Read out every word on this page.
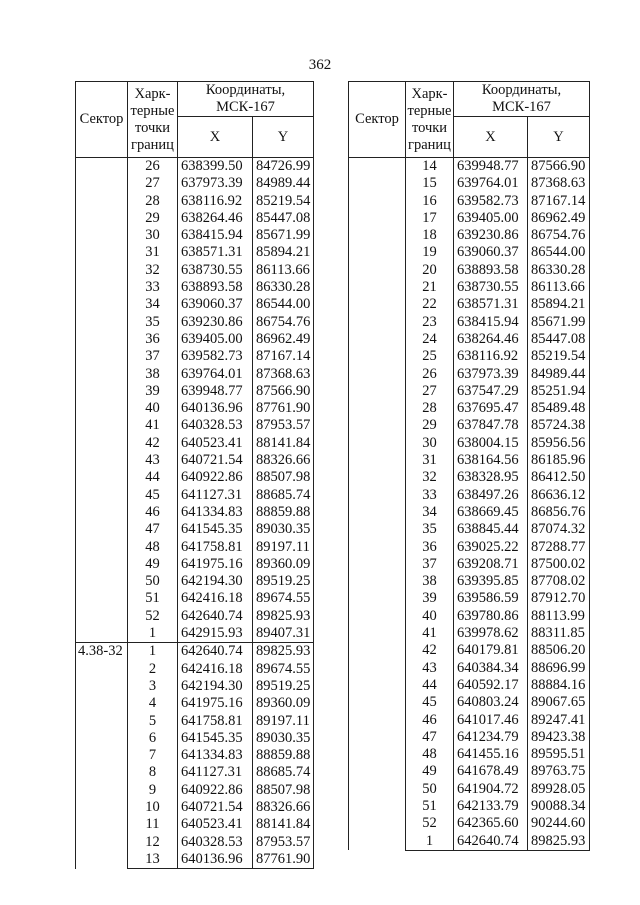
362
Сектор	Харк-терные точки границ	Координаты, МСК-167	
		X	Y
	26	638399.50	84726.99
	27	637973.39	84989.44
	28	638116.92	85219.54
	29	638264.46	85447.08
	30	638415.94	85671.99
	31	638571.31	85894.21
	32	638730.55	86113.66
	33	638893.58	86330.28
	34	639060.37	86544.00
	35	639230.86	86754.76
	36	639405.00	86962.49
	37	639582.73	87167.14
	38	639764.01	87368.63
	39	639948.77	87566.90
	40	640136.96	87761.90
	41	640328.53	87953.57
	42	640523.41	88141.84
	43	640721.54	88326.66
	44	640922.86	88507.98
	45	641127.31	88685.74
	46	641334.83	88859.88
	47	641545.35	89030.35
	48	641758.81	89197.11
	49	641975.16	89360.09
	50	642194.30	89519.25
	51	642416.18	89674.55
	52	642640.74	89825.93
	1	642915.93	89407.31
4.38-32	1	642640.74	89825.93
	2	642416.18	89674.55
	3	642194.30	89519.25
	4	641975.16	89360.09
	5	641758.81	89197.11
	6	641545.35	89030.35
	7	641334.83	88859.88
	8	641127.31	88685.74
	9	640922.86	88507.98
	10	640721.54	88326.66
	11	640523.41	88141.84
	12	640328.53	87953.57
	13	640136.96	87761.90
Сектор	Харк-терные точки границ	Координаты, МСК-167	
		X	Y
	14	639948.77	87566.90
	15	639764.01	87368.63
	16	639582.73	87167.14
	17	639405.00	86962.49
	18	639230.86	86754.76
	19	639060.37	86544.00
	20	638893.58	86330.28
	21	638730.55	86113.66
	22	638571.31	85894.21
	23	638415.94	85671.99
	24	638264.46	85447.08
	25	638116.92	85219.54
	26	637973.39	84989.44
	27	637547.29	85251.94
	28	637695.47	85489.48
	29	637847.78	85724.38
	30	638004.15	85956.56
	31	638164.56	86185.96
	32	638328.95	86412.50
	33	638497.26	86636.12
	34	638669.45	86856.76
	35	638845.44	87074.32
	36	639025.22	87288.77
	37	639208.71	87500.02
	38	639395.85	87708.02
	39	639586.59	87912.70
	40	639780.86	88113.99
	41	639978.62	88311.85
	42	640179.81	88506.20
	43	640384.34	88696.99
	44	640592.17	88884.16
	45	640803.24	89067.65
	46	641017.46	89247.41
	47	641234.79	89423.38
	48	641455.16	89595.51
	49	641678.49	89763.75
	50	641904.72	89928.05
	51	642133.79	90088.34
	52	642365.60	90244.60
	1	642640.74	89825.93
